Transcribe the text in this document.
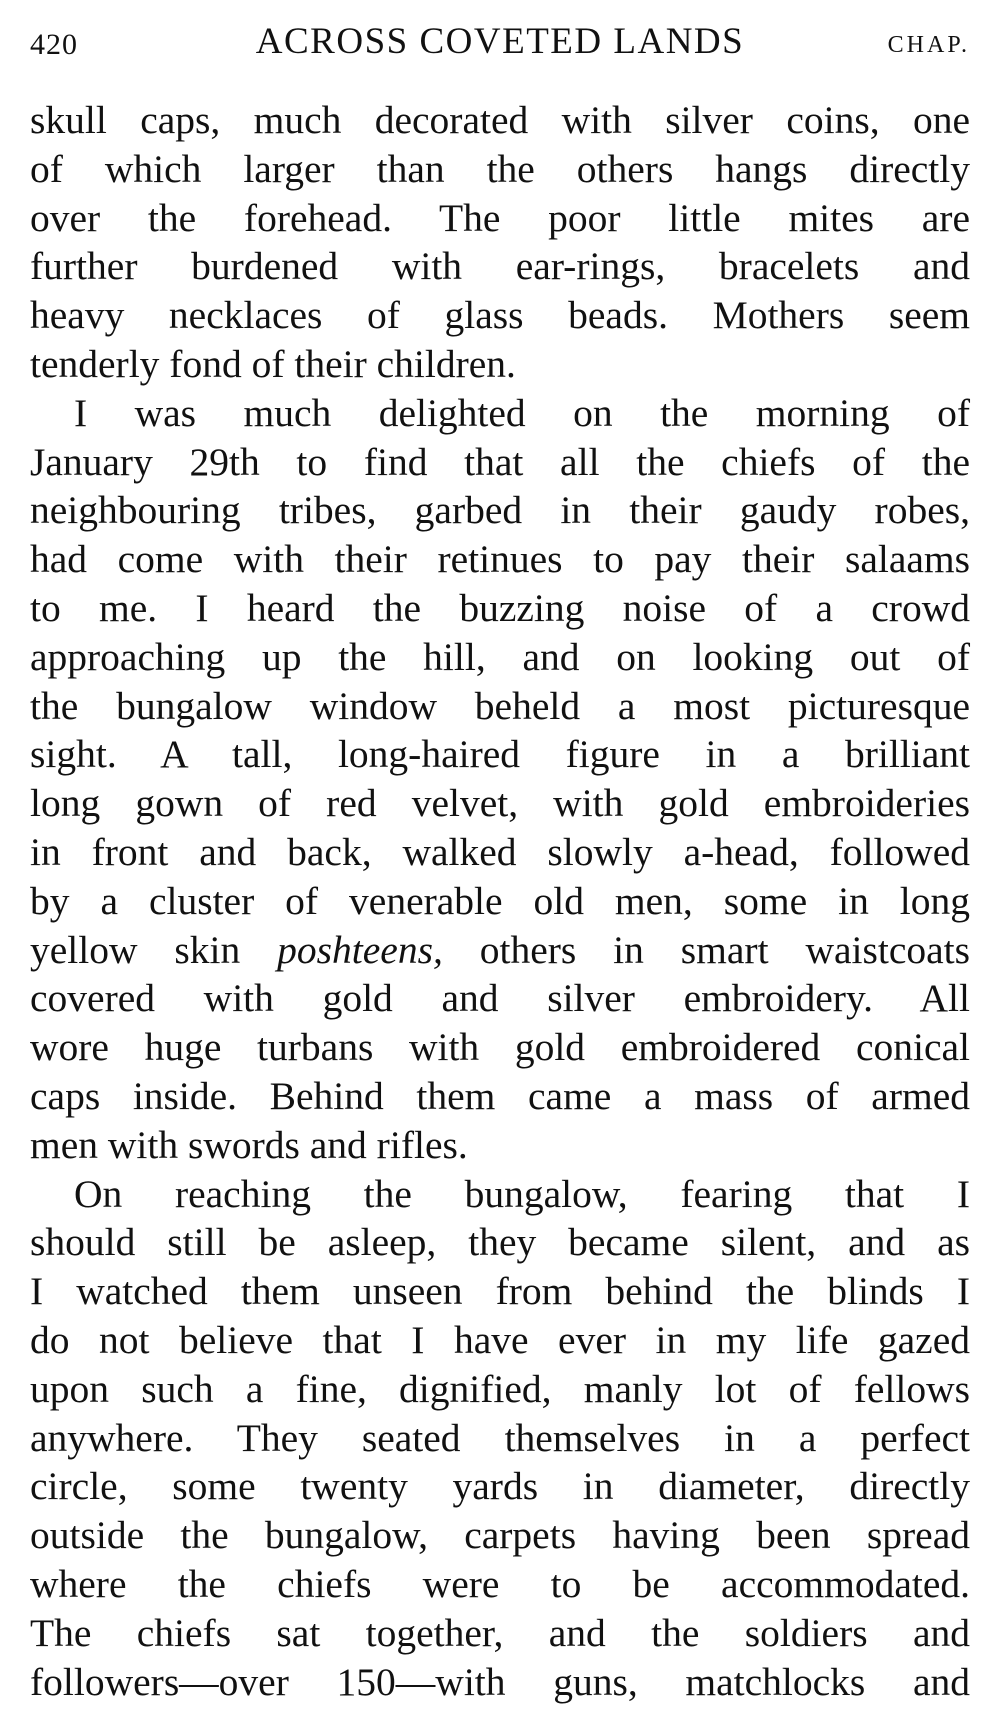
420	ACROSS COVETED LANDS	CHAP.
skull caps, much decorated with silver coins, one
of which larger than the others hangs directly
over the forehead. The poor little mites are
further burdened with ear-rings, bracelets and
heavy necklaces of glass beads. Mothers seem
tenderly fond of their children.
I was much delighted on the morning of
January 29th to find that all the chiefs of the
neighbouring tribes, garbed in their gaudy robes,
had come with their retinues to pay their salaams
to me. I heard the buzzing noise of a crowd
approaching up the hill, and on looking out of
the bungalow window beheld a most picturesque
sight. A tall, long-haired figure in a brilliant
long gown of red velvet, with gold embroideries
in front and back, walked slowly a-head, followed
by a cluster of venerable old men, some in long
yellow skin poshteens, others in smart waistcoats
covered with gold and silver embroidery. All
wore huge turbans with gold embroidered conical
caps inside. Behind them came a mass of armed
men with swords and rifles.
On reaching the bungalow, fearing that I
should still be asleep, they became silent, and as
I watched them unseen from behind the blinds I
do not believe that I have ever in my life gazed
upon such a fine, dignified, manly lot of fellows
anywhere. They seated themselves in a perfect
circle, some twenty yards in diameter, directly
outside the bungalow, carpets having been spread
where the chiefs were to be accommodated.
The chiefs sat together, and the soldiers and
followers—over 150—with guns, matchlocks and
